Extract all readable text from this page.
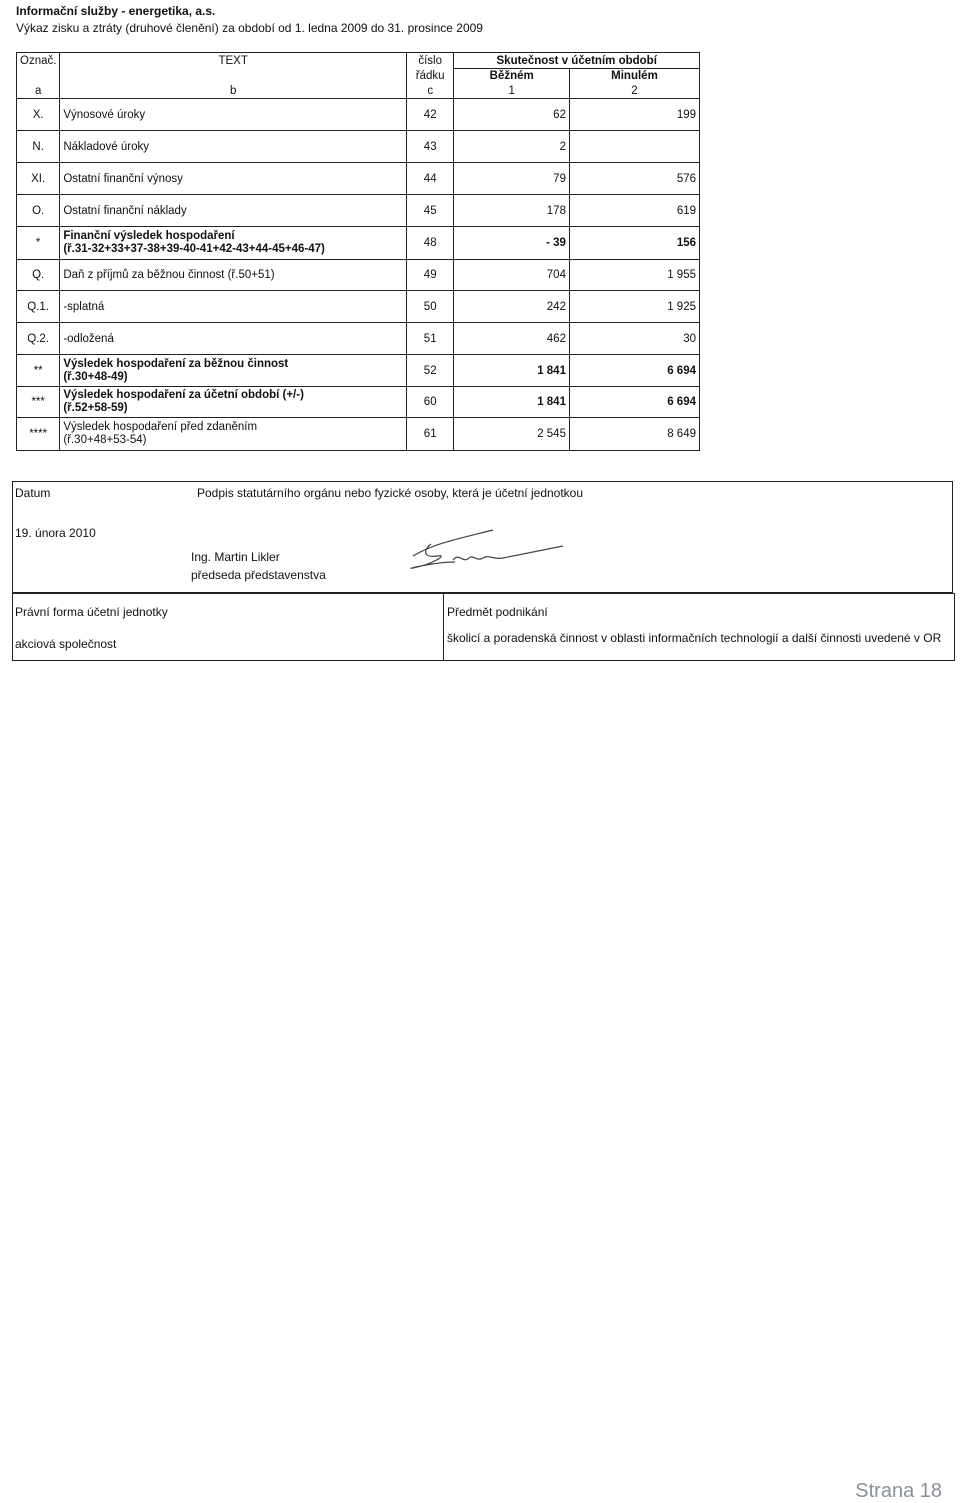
Informační služby - energetika, a.s.
Výkaz zisku a ztráty (druhové členění) za období od 1. ledna 2009 do 31. prosince 2009
Označ.	TEXT	číslo	Skutečnost v účetním období	
		řádku	Běžném	Minulém
a	b	c	1	2
X.	Výnosové úroky	42	62	199
N.	Nákladové úroky	43	2	
XI.	Ostatní finanční výnosy	44	79	576
O.	Ostatní finanční náklady	45	178	619
*	Finanční výsledek hospodaření
(ř.31-32+33+37-38+39-40-41+42-43+44-45+46-47)	48	- 39	156
Q.	Daň z příjmů za běžnou činnost (ř.50+51)	49	704	1 955
Q.1.	-splatná	50	242	1 925
Q.2.	-odložená	51	462	30
**	Výsledek hospodaření za běžnou činnost
(ř.30+48-49)	52	1 841	6 694
***	Výsledek hospodaření za účetní období (+/-)
(ř.52+58-59)	60	1 841	6 694
****	Výsledek hospodaření před zdaněním
(ř.30+48+53-54)	61	2 545	8 649
Datum	Podpis statutárního orgánu nebo fyzické osoby, která je účetní jednotkou
19. února 2010
Ing. Martin Likler
předseda představenstva
Právní forma účetní jednotky
akciová společnost
Předmět podnikání
školicí a poradenská činnost v oblasti informačních technologií a další činnosti uvedené v OR
Strana 18
